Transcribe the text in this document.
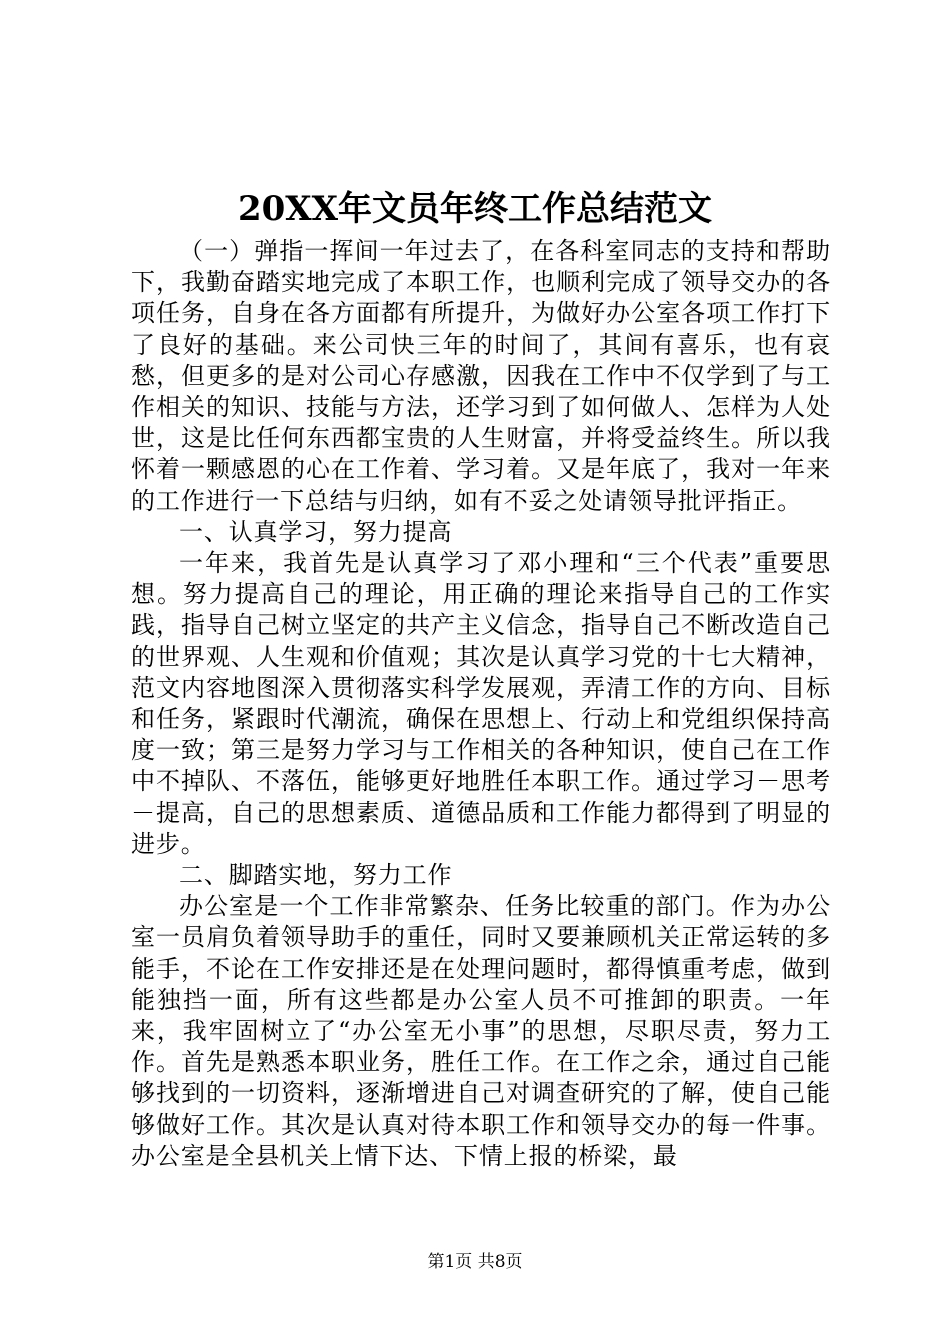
20XX年文员年终工作总结范文

（一）弹指一挥间一年过去了，在各科室同志的支持和帮助下，我勤奋踏实地完成了本职工作，也顺利完成了领导交办的各项任务，自身在各方面都有所提升，为做好办公室各项工作打下了良好的基础。来公司快三年的时间了，其间有喜乐，也有哀愁，但更多的是对公司心存感激，因我在工作中不仅学到了与工作相关的知识、技能与方法，还学习到了如何做人、怎样为人处世，这是比任何东西都宝贵的人生财富，并将受益终生。所以我怀着一颗感恩的心在工作着、学习着。又是年底了，我对一年来的工作进行一下总结与归纳，如有不妥之处请领导批评指正。

一、认真学习，努力提高

一年来，我首先是认真学习了邓小理和“三个代表”重要思想。努力提高自己的理论，用正确的理论来指导自己的工作实践，指导自己树立坚定的共产主义信念，指导自己不断改造自己的世界观、人生观和价值观；其次是认真学习党的十七大精神，范文内容地图深入贯彻落实科学发展观，弄清工作的方向、目标和任务，紧跟时代潮流，确保在思想上、行动上和党组织保持高度一致；第三是努力学习与工作相关的各种知识，使自己在工作中不掉队、不落伍，能够更好地胜任本职工作。通过学习－思考－提高，自己的思想素质、道德品质和工作能力都得到了明显的进步。

二、脚踏实地，努力工作

办公室是一个工作非常繁杂、任务比较重的部门。作为办公室一员肩负着领导助手的重任，同时又要兼顾机关正常运转的多能手，不论在工作安排还是在处理问题时，都得慎重考虑，做到能独挡一面，所有这些都是办公室人员不可推卸的职责。一年来，我牢固树立了“办公室无小事”的思想，尽职尽责，努力工作。首先是熟悉本职业务，胜任工作。在工作之余，通过自己能够找到的一切资料，逐渐增进自己对调查研究的了解，使自己能够做好工作。其次是认真对待本职工作和领导交办的每一件事。办公室是全县机关上情下达、下情上报的桥梁，最

第1页 共8页
